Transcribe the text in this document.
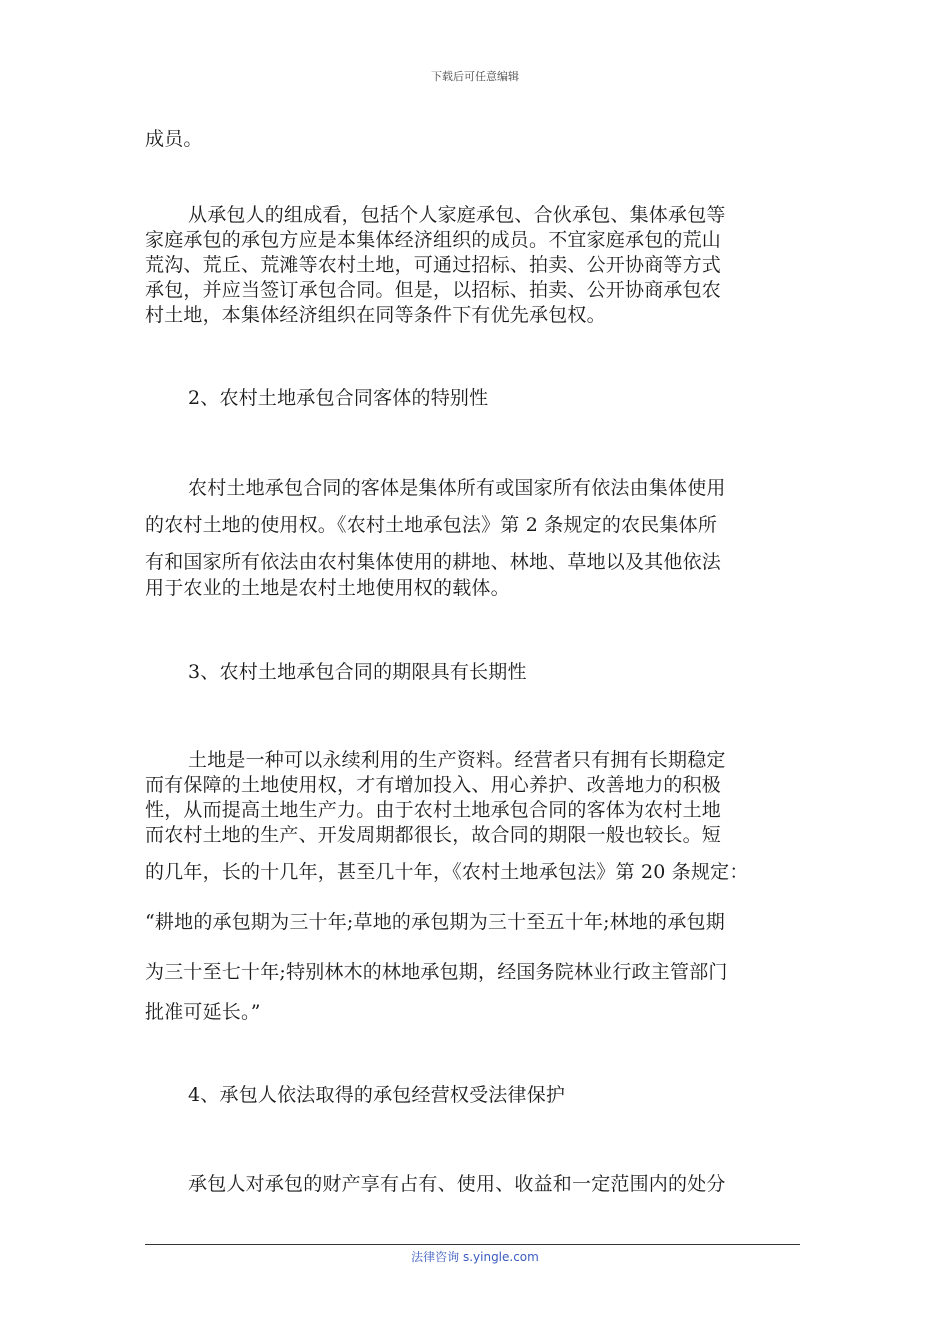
下载后可任意编辑
成员。
从承包人的组成看，包括个人家庭承包、合伙承包、集体承包等
家庭承包的承包方应是本集体经济组织的成员。不宜家庭承包的荒山
荒沟、荒丘、荒滩等农村土地，可通过招标、拍卖、公开协商等方式
承包，并应当签订承包合同。但是，以招标、拍卖、公开协商承包农
村土地，本集体经济组织在同等条件下有优先承包权。
2、农村土地承包合同客体的特别性
农村土地承包合同的客体是集体所有或国家所有依法由集体使用
的农村土地的使用权。《农村土地承包法》第 2 条规定的农民集体所
有和国家所有依法由农村集体使用的耕地、林地、草地以及其他依法
用于农业的土地是农村土地使用权的载体。
3、农村土地承包合同的期限具有长期性
土地是一种可以永续利用的生产资料。经营者只有拥有长期稳定
而有保障的土地使用权，才有增加投入、用心养护、改善地力的积极
性，从而提高土地生产力。由于农村土地承包合同的客体为农村土地
而农村土地的生产、开发周期都很长，故合同的期限一般也较长。短
的几年，长的十几年，甚至几十年，《农村土地承包法》第 20 条规定：
“耕地的承包期为三十年;草地的承包期为三十至五十年;林地的承包期
为三十至七十年;特别林木的林地承包期，经国务院林业行政主管部门
批准可延长。”
4、承包人依法取得的承包经营权受法律保护
承包人对承包的财产享有占有、使用、收益和一定范围内的处分
法律咨询 s.yingle.com
